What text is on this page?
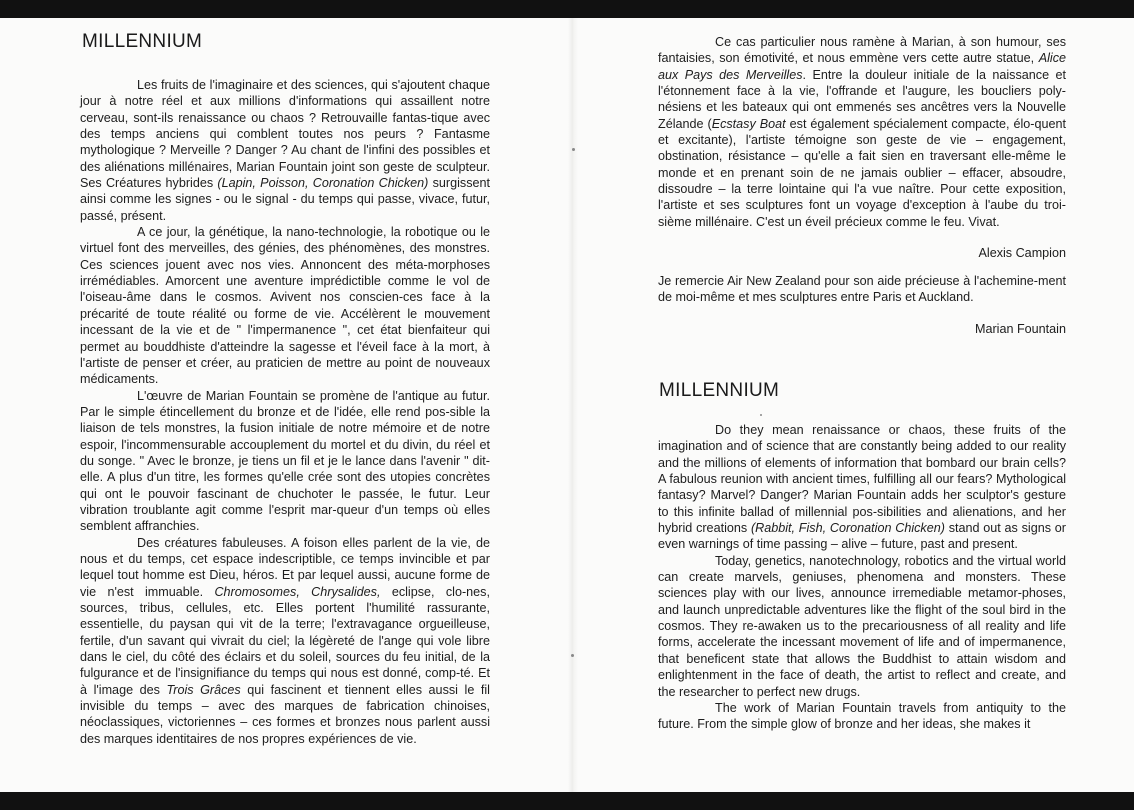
MILLENNIUM

Les fruits de l'imaginaire et des sciences, qui s'ajoutent chaque jour à notre réel et aux millions d'informations qui assaillent notre cerveau, sont-ils renaissance ou chaos ? Retrouvaille fantas-tique avec des temps anciens qui comblent toutes nos peurs ? Fantasme mythologique ? Merveille ? Danger ? Au chant de l'infini des possibles et des aliénations millénaires, Marian Fountain joint son geste de sculpteur. Ses Créatures hybrides (Lapin, Poisson, Coronation Chicken) surgissent ainsi comme les signes - ou le signal - du temps qui passe, vivace, futur, passé, présent.

A ce jour, la génétique, la nano-technologie, la robotique ou le virtuel font des merveilles, des génies, des phénomènes, des monstres. Ces sciences jouent avec nos vies. Annoncent des méta-morphoses irrémédiables. Amorcent une aventure imprédictible comme le vol de l'oiseau-âme dans le cosmos. Avivent nos conscien-ces face à la précarité de toute réalité ou forme de vie. Accélèrent le mouvement incessant de la vie et de " l'impermanence ", cet état bienfaiteur qui permet au bouddhiste d'atteindre la sagesse et l'éveil face à la mort, à l'artiste de penser et créer, au praticien de mettre au point de nouveaux médicaments.

L'œuvre de Marian Fountain se promène de l'antique au futur. Par le simple étincellement du bronze et de l'idée, elle rend pos-sible la liaison de tels monstres, la fusion initiale de notre mémoire et de notre espoir, l'incommensurable accouplement du mortel et du divin, du réel et du songe. " Avec le bronze, je tiens un fil et je le lance dans l'avenir " dit-elle. A plus d'un titre, les formes qu'elle crée sont des utopies concrètes qui ont le pouvoir fascinant de chuchoter le passée, le futur. Leur vibration troublante agit comme l'esprit mar-queur d'un temps où elles semblent affranchies.

Des créatures fabuleuses. A foison elles parlent de la vie, de nous et du temps, cet espace indescriptible, ce temps invincible et par lequel tout homme est Dieu, héros. Et par lequel aussi, aucune forme de vie n'est immuable. Chromosomes, Chrysalides, eclipse, clo-nes, sources, tribus, cellules, etc. Elles portent l'humilité rassurante, essentielle, du paysan qui vit de la terre; l'extravagance orgueilleuse, fertile, d'un savant qui vivrait du ciel; la légèreté de l'ange qui vole libre dans le ciel, du côté des éclairs et du soleil, sources du feu initial, de la fulgurance et de l'insignifiance du temps qui nous est donné, comp-té. Et à l'image des Trois Grâces qui fascinent et tiennent elles aussi le fil invisible du temps – avec des marques de fabrication chinoises, néoclassiques, victoriennes – ces formes et bronzes nous parlent aussi des marques identitaires de nos propres expériences de vie.

Ce cas particulier nous ramène à Marian, à son humour, ses fantaisies, son émotivité, et nous emmène vers cette autre statue, Alice aux Pays des Merveilles. Entre la douleur initiale de la naissance et l'étonnement face à la vie, l'offrande et l'augure, les boucliers poly-nésiens et les bateaux qui ont emmenés ses ancêtres vers la Nouvelle Zélande (Ecstasy Boat est également spécialement compacte, élo-quent et excitante), l'artiste témoigne son geste de vie – engagement, obstination, résistance – qu'elle a fait sien en traversant elle-même le monde et en prenant soin de ne jamais oublier – effacer, absoudre, dissoudre – la terre lointaine qui l'a vue naître. Pour cette exposition, l'artiste et ses sculptures font un voyage d'exception à l'aube du troi-sième millénaire. C'est un éveil précieux comme le feu. Vivat.

Alexis Campion

Je remercie Air New Zealand pour son aide précieuse à l'achemine-ment de moi-même et mes sculptures entre Paris et Auckland.

Marian Fountain
MILLENNIUM

Do they mean renaissance or chaos, these fruits of the imagination and of science that are constantly being added to our reality and the millions of elements of information that bombard our brain cells? A fabulous reunion with ancient times, fulfilling all our fears? Mythological fantasy? Marvel? Danger? Marian Fountain adds her sculptor's gesture to this infinite ballad of millennial pos-sibilities and alienations, and her hybrid creations (Rabbit, Fish, Coronation Chicken) stand out as signs or even warnings of time passing – alive – future, past and present.

Today, genetics, nanotechnology, robotics and the virtual world can create marvels, geniuses, phenomena and monsters. These sciences play with our lives, announce irremediable metamor-phoses, and launch unpredictable adventures like the flight of the soul bird in the cosmos. They re-awaken us to the precariousness of all reality and life forms, accelerate the incessant movement of life and of impermanence, that beneficent state that allows the Buddhist to attain wisdom and enlightenment in the face of death, the artist to reflect and create, and the researcher to perfect new drugs.

The work of Marian Fountain travels from antiquity to the future. From the simple glow of bronze and her ideas, she makes it
